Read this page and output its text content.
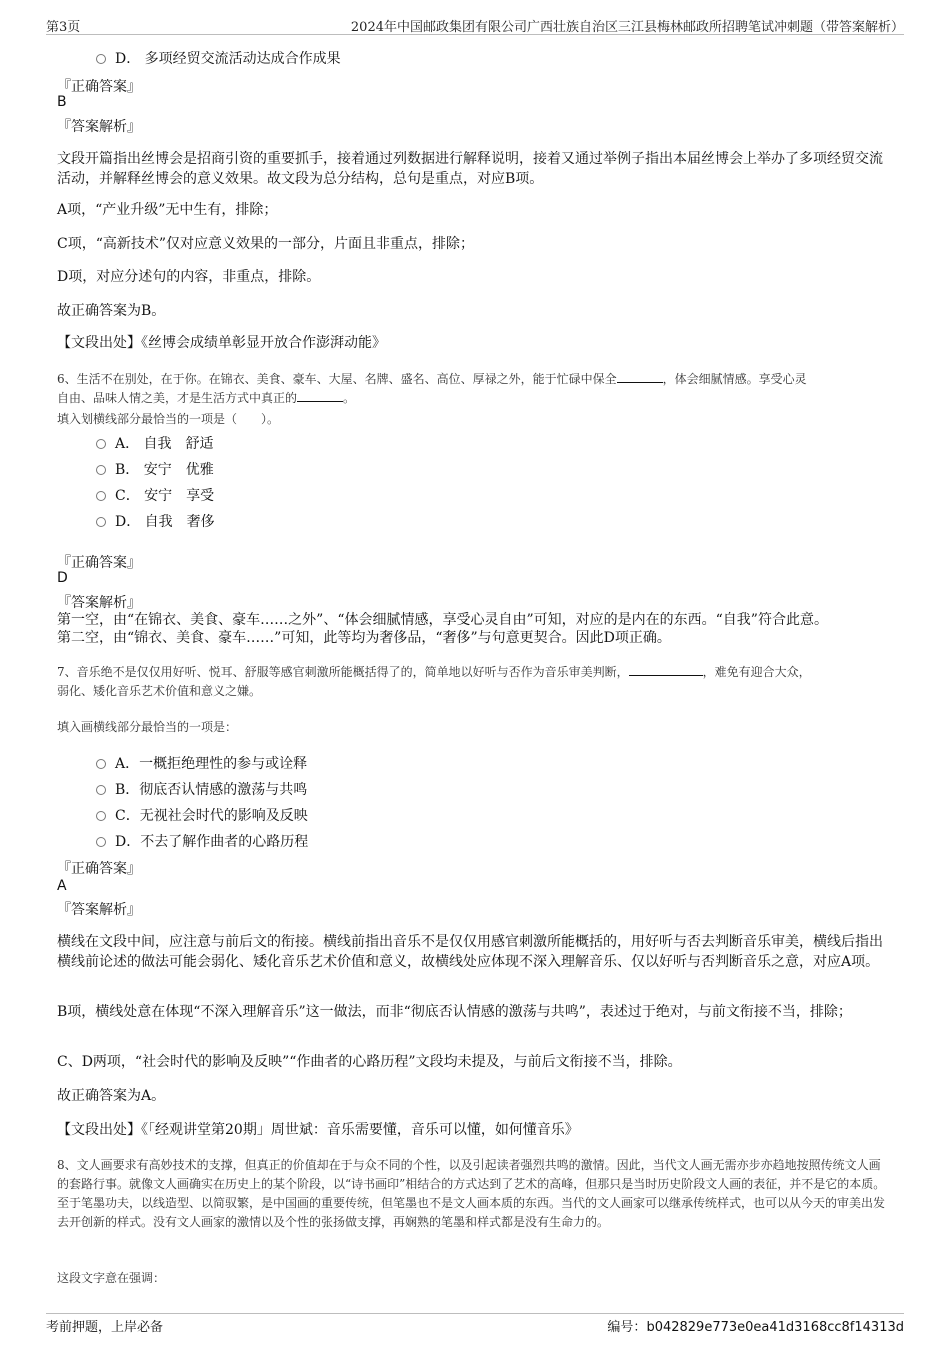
第3页	2024年中国邮政集团有限公司广西壮族自治区三江县梅林邮政所招聘笔试冲刺题（带答案解析）
D． 多项经贸交流活动达成合作成果
『正确答案』
B
『答案解析』
文段开篇指出丝博会是招商引资的重要抓手，接着通过列数据进行解释说明，接着又通过举例子指出本届丝博会上举办了多项经贸交流活动，并解释丝博会的意义效果。故文段为总分结构，总句是重点，对应B项。
A项，“产业升级”无中生有，排除；
C项，“高新技术”仅对应意义效果的一部分，片面且非重点，排除；
D项，对应分述句的内容，非重点，排除。
故正确答案为B。
【文段出处】《丝博会成绩单彰显开放合作澎湃动能》
6、生活不在别处，在于你。在锦衣、美食、豪车、大屋、名牌、盛名、高位、厚禄之外，能于忙碌中保全	，体会细腻情感。享受心灵
自由、品味人情之美，才是生活方式中真正的	。
填入划横线部分最恰当的一项是（　　）。
A． 自我　舒适
B． 安宁　优雅
C． 安宁　享受
D． 自我　奢侈
『正确答案』
D
『答案解析』
第一空，由“在锦衣、美食、豪车……之外”、“体会细腻情感，享受心灵自由”可知，对应的是内在的东西。“自我”符合此意。
第二空，由“锦衣、美食、豪车……”可知，此等均为奢侈品，“奢侈”与句意更契合。因此D项正确。
7、音乐绝不是仅仅用好听、悦耳、舒服等感官刺激所能概括得了的，简单地以好听与否作为音乐审美判断，	，难免有迎合大众，
弱化、矮化音乐艺术价值和意义之嫌。
填入画横线部分最恰当的一项是：
A．一概拒绝理性的参与或诠释
B．彻底否认情感的激荡与共鸣
C．无视社会时代的影响及反映
D．不去了解作曲者的心路历程
『正确答案』
A
『答案解析』
横线在文段中间，应注意与前后文的衔接。横线前指出音乐不是仅仅用感官刺激所能概括的，用好听与否去判断音乐审美，横线后指出横线前论述的做法可能会弱化、矮化音乐艺术价值和意义，故横线处应体现不深入理解音乐、仅以好听与否判断音乐之意，对应A项。
B项，横线处意在体现“不深入理解音乐”这一做法，而非“彻底否认情感的激荡与共鸣”，表述过于绝对，与前文衔接不当，排除；
C、D两项，“社会时代的影响及反映”“作曲者的心路历程”文段均未提及，与前后文衔接不当，排除。
故正确答案为A。
【文段出处】《「经观讲堂第20期」周世斌：音乐需要懂，音乐可以懂，如何懂音乐》
8、文人画要求有高妙技术的支撑，但真正的价值却在于与众不同的个性，以及引起读者强烈共鸣的激情。因此，当代文人画无需亦步亦趋地按照传统文人画的套路行事。就像文人画确实在历史上的某个阶段，以“诗书画印”相结合的方式达到了艺术的高峰，但那只是当时历史阶段文人画的表征，并不是它的本质。至于笔墨功夫，以线造型、以简驭繁，是中国画的重要传统，但笔墨也不是文人画本质的东西。当代的文人画家可以继承传统样式，也可以从今天的审美出发去开创新的样式。没有文人画家的激情以及个性的张扬做支撑，再娴熟的笔墨和样式都是没有生命力的。
这段文字意在强调：
考前押题，上岸必备	编号：b042829e773e0ea41d3168cc8f14313d
